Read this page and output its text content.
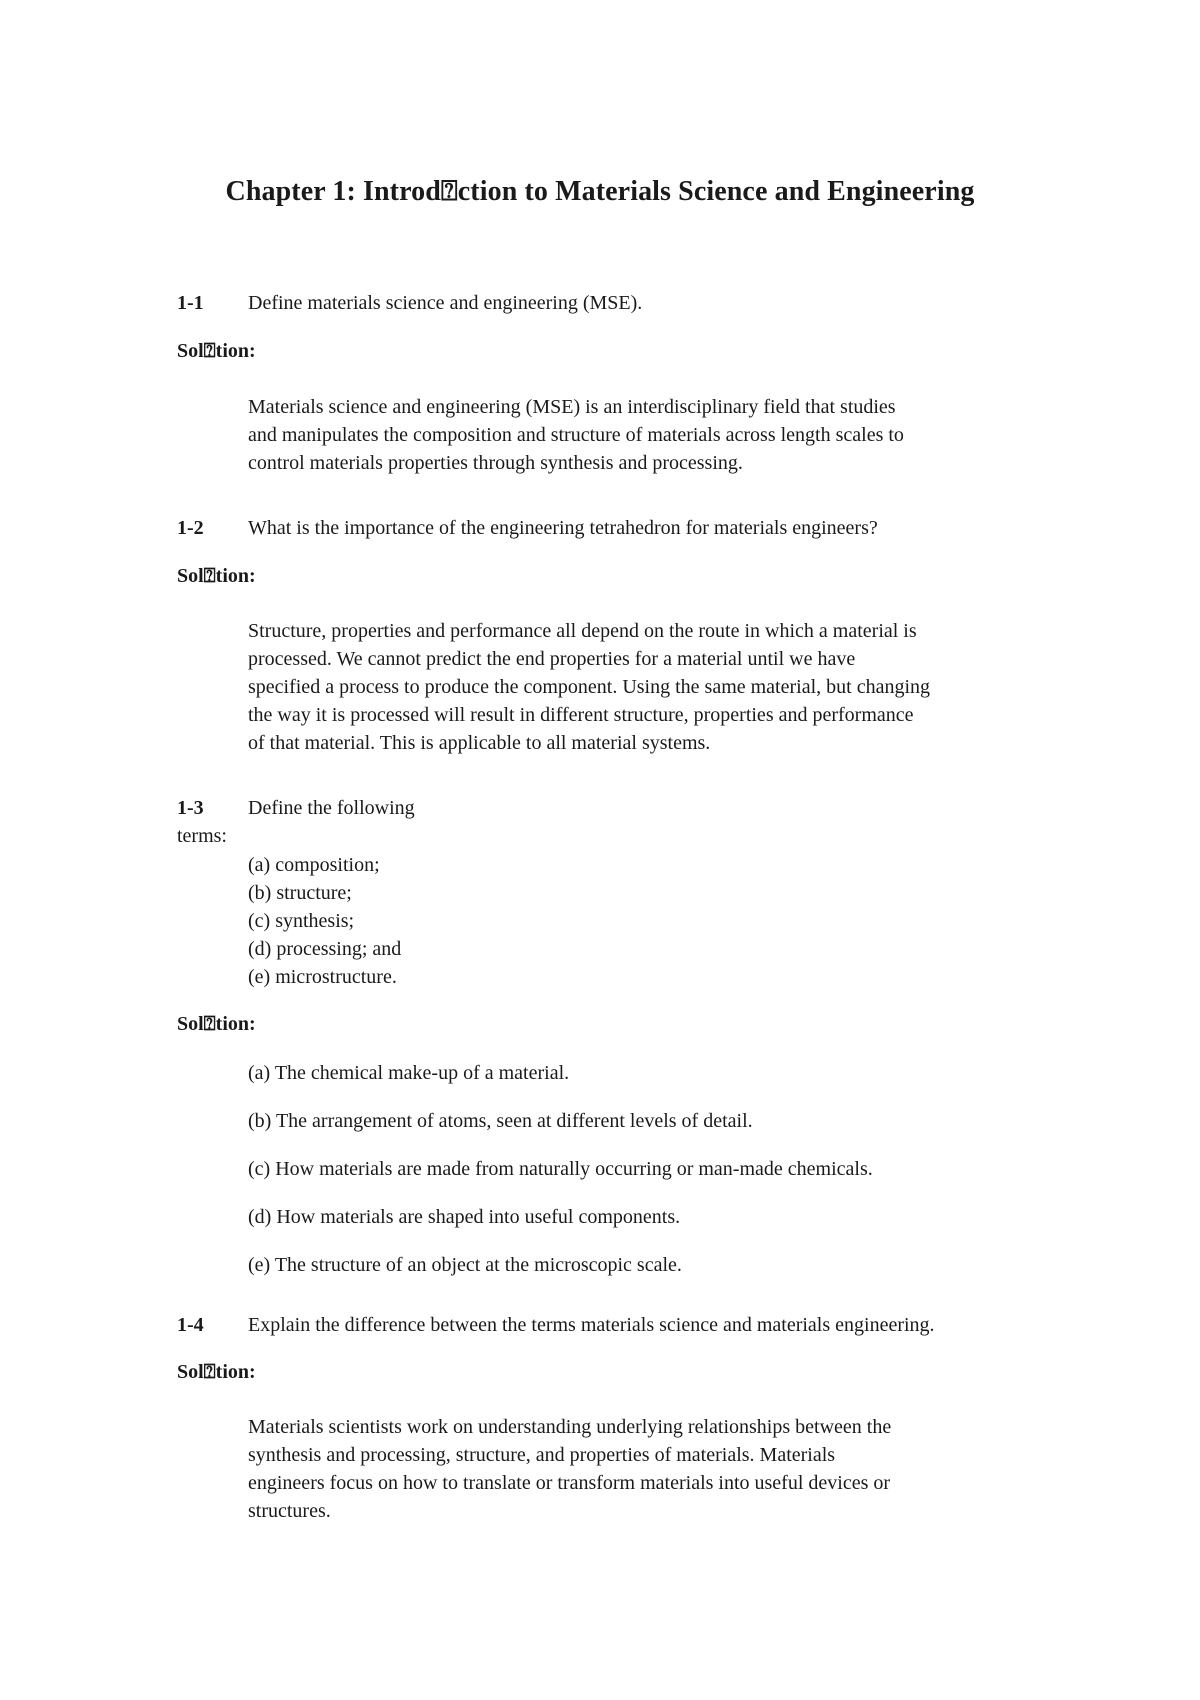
Chapter 1: Introd⍰ction to Materials Science and Engineering
1-1 Define materials science and engineering (MSE).
Sol⍰tion:
Materials science and engineering (MSE) is an interdisciplinary field that studies
and manipulates the composition and structure of materials across length scales to
control materials properties through synthesis and processing.
1-2 What is the importance of the engineering tetrahedron for materials engineers?
Sol⍰tion:
Structure, properties and performance all depend on the route in which a material is
processed. We cannot predict the end properties for a material until we have
specified a process to produce the component. Using the same material, but changing
the way it is processed will result in different structure, properties and performance
of that material. This is applicable to all material systems.
1-3 Define the following
terms:
(a) composition;
(b) structure;
(c) synthesis;
(d) processing; and
(e) microstructure.
Sol⍰tion:
(a) The chemical make-up of a material.
(b) The arrangement of atoms, seen at different levels of detail.
(c) How materials are made from naturally occurring or man-made chemicals.
(d) How materials are shaped into useful components.
(e) The structure of an object at the microscopic scale.
1-4 Explain the difference between the terms materials science and materials engineering.
Sol⍰tion:
Materials scientists work on understanding underlying relationships between the
synthesis and processing, structure, and properties of materials. Materials
engineers focus on how to translate or transform materials into useful devices or
structures.
